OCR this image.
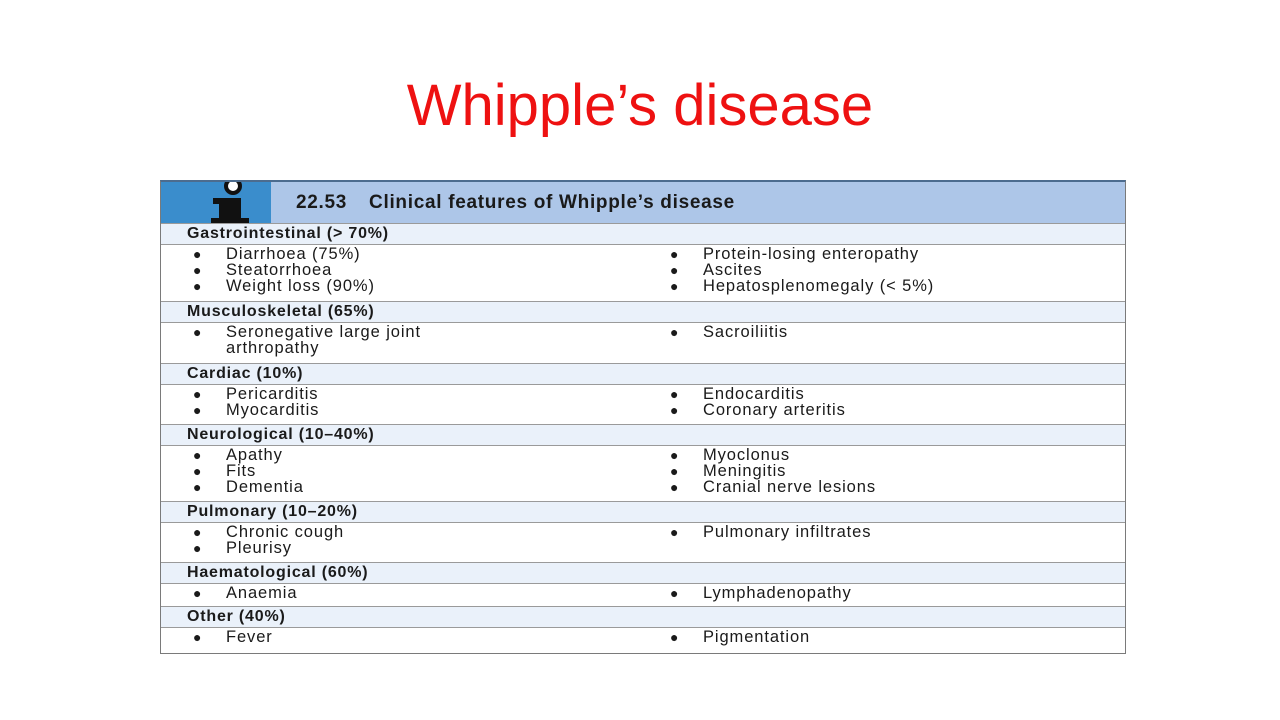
Whipple’s disease
22.53 Clinical features of Whipple’s disease
Gastrointestinal (> 70%)
● Diarrhoea (75%)
● Steatorrhoea
● Weight loss (90%)
● Protein-losing enteropathy
● Ascites
● Hepatosplenomegaly (< 5%)
Musculoskeletal (65%)
● Seronegative large joint
arthropathy
● Sacroiliitis
Cardiac (10%)
● Pericarditis
● Myocarditis
● Endocarditis
● Coronary arteritis
Neurological (10–40%)
● Apathy
● Fits
● Dementia
● Myoclonus
● Meningitis
● Cranial nerve lesions
Pulmonary (10–20%)
● Chronic cough
● Pleurisy
● Pulmonary infiltrates
Haematological (60%)
● Anaemia	● Lymphadenopathy
Other (40%)
● Fever	● Pigmentation
